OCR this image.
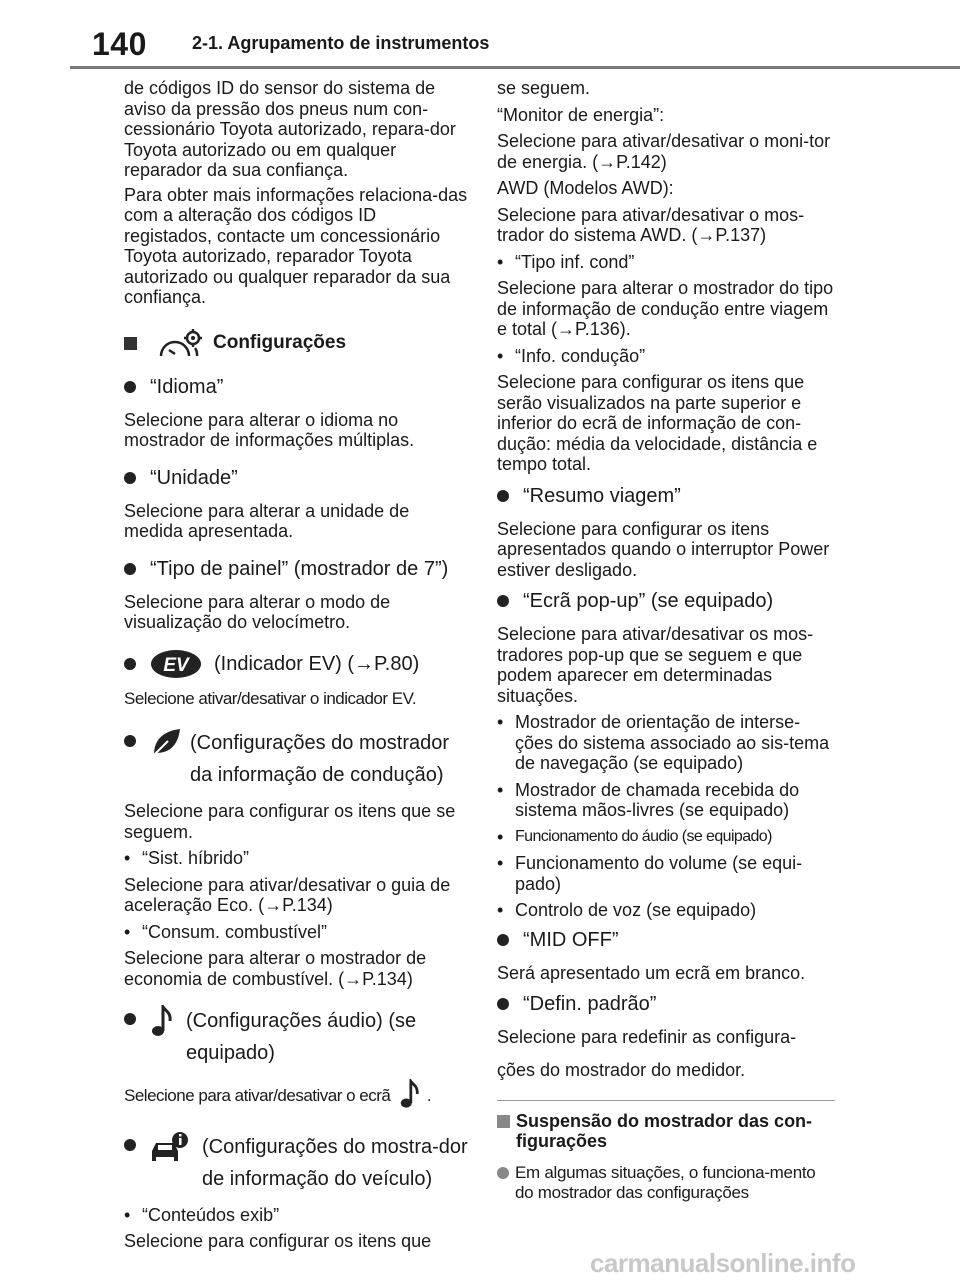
140	2-1. Agrupamento de instrumentos

de códigos ID do sensor do sistema de aviso da pressão dos pneus num con-cessionário Toyota autorizado, repara-dor Toyota autorizado ou em qualquer reparador da sua confiança.

Para obter mais informações relaciona-das com a alteração dos códigos ID registados, contacte um concessionário Toyota autorizado, reparador Toyota autorizado ou qualquer reparador da sua confiança.

Configurações
“Idioma”

Selecione para alterar o idioma no mostrador de informações múltiplas.

“Unidade”

Selecione para alterar a unidade de medida apresentada.

“Tipo de painel” (mostrador de 7”)

Selecione para alterar o modo de visualização do velocímetro.

EV (Indicador EV) (→P.80)

Selecione ativar/desativar o indicador EV.

(Configurações do mostrador da informação de condução)

Selecione para configurar os itens que se seguem.

• “Sist. híbrido”

Selecione para ativar/desativar o guia de aceleração Eco. (→P.134)

• “Consum. combustível”

Selecione para alterar o mostrador de economia de combustível. (→P.134)

(Configurações áudio) (se equipado)

Selecione para ativar/desativar o ecrã .

(Configurações do mostra-dor de informação do veículo)
• “Conteúdos exib”

Selecione para configurar os itens que

se seguem.

“Monitor de energia”:

Selecione para ativar/desativar o moni-tor de energia. (→P.142)

AWD (Modelos AWD):

Selecione para ativar/desativar o mos-trador do sistema AWD. (→P.137)

• “Tipo inf. cond”

Selecione para alterar o mostrador do tipo de informação de condução entre viagem e total (→P.136).

• “Info. condução”

Selecione para configurar os itens que serão visualizados na parte superior e inferior do ecrã de informação de con-dução: média da velocidade, distância e tempo total.

“Resumo viagem”

Selecione para configurar os itens apresentados quando o interruptor Power estiver desligado.

“Ecrã pop-up” (se equipado)

Selecione para ativar/desativar os mos-tradores pop-up que se seguem e que podem aparecer em determinadas situações.

• Mostrador de orientação de interse-ções do sistema associado ao sis-tema de navegação (se equipado)
• Mostrador de chamada recebida do sistema mãos-livres (se equipado)
• Funcionamento do áudio (se equipado)
• Funcionamento do volume (se equi-pado)
• Controlo de voz (se equipado)
“MID OFF”

Será apresentado um ecrã em branco.

“Defin. padrão”

Selecione para redefinir as configura-

ções do mostrador do medidor.

Suspensão do mostrador das con-figurações
Em algumas situações, o funciona-mento do mostrador das configurações
carmanualsonline.info
